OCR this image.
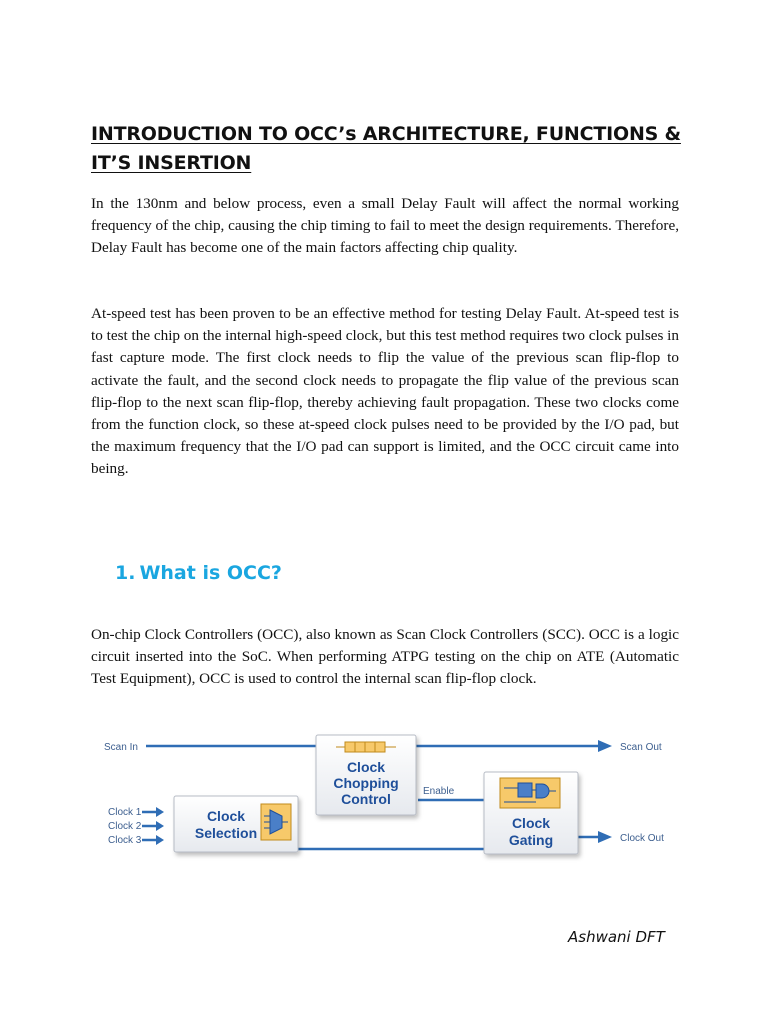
INTRODUCTION TO OCC’s ARCHITECTURE, FUNCTIONS & IT’S INSERTION

In the 130nm and below process, even a small Delay Fault will affect the normal working frequency of the chip, causing the chip timing to fail to meet the design requirements. Therefore, Delay Fault has become one of the main factors affecting chip quality.

At-speed test has been proven to be an effective method for testing Delay Fault. At-speed test is to test the chip on the internal high-speed clock, but this test method requires two clock pulses in fast capture mode. The first clock needs to flip the value of the previous scan flip-flop to activate the fault, and the second clock needs to propagate the flip value of the previous scan flip-flop to the next scan flip-flop, thereby achieving fault propagation. These two clocks come from the function clock, so these at-speed clock pulses need to be provided by the I/O pad, but the maximum frequency that the I/O pad can support is limited, and the OCC circuit came into being.

1. What is OCC?

On-chip Clock Controllers (OCC), also known as Scan Clock Controllers (SCC). OCC is a logic circuit inserted into the SoC. When performing ATPG testing on the chip on ATE (Automatic Test Equipment), OCC is used to control the internal scan flip-flop clock.

Scan In	Scan Out
Clock 1
Clock 2
Clock 3	Clock Out
Enable
Clock
Chopping
Control
Clock
Selection
Clock
Gating
Ashwani DFT
